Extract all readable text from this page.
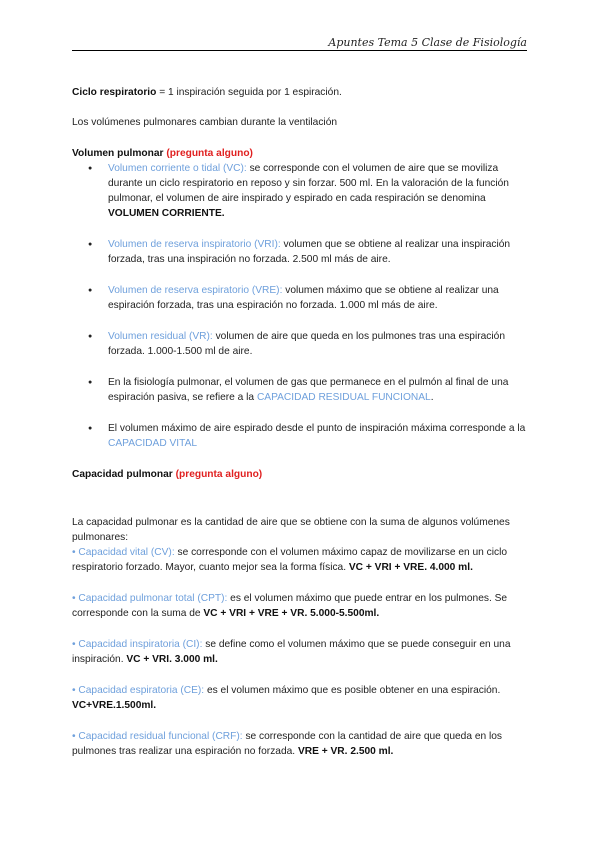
Apuntes Tema 5 Clase de Fisiología

Ciclo respiratorio = 1 inspiración seguida por 1 espiración.

Los volúmenes pulmonares cambian durante la ventilación

Volumen pulmonar (pregunta alguno)

● Volumen corriente o tidal (VC): se corresponde con el volumen de aire que se moviliza durante un ciclo respiratorio en reposo y sin forzar. 500 ml. En la valoración de la función pulmonar, el volumen de aire inspirado y espirado en cada respiración se denomina VOLUMEN CORRIENTE.
● Volumen de reserva inspiratorio (VRI): volumen que se obtiene al realizar una inspiración forzada, tras una inspiración no forzada. 2.500 ml más de aire.
● Volumen de reserva espiratorio (VRE): volumen máximo que se obtiene al realizar una espiración forzada, tras una espiración no forzada. 1.000 ml más de aire.
● Volumen residual (VR): volumen de aire que queda en los pulmones tras una espiración forzada. 1.000-1.500 ml de aire.
● En la fisiología pulmonar, el volumen de gas que permanece en el pulmón al final de una espiración pasiva, se refiere a la CAPACIDAD RESIDUAL FUNCIONAL.
● El volumen máximo de aire espirado desde el punto de inspiración máxima corresponde a la CAPACIDAD VITAL

Capacidad pulmonar (pregunta alguno)

La capacidad pulmonar es la cantidad de aire que se obtiene con la suma de algunos volúmenes pulmonares:

• Capacidad vital (CV): se corresponde con el volumen máximo capaz de movilizarse en un ciclo respiratorio forzado. Mayor, cuanto mejor sea la forma física. VC + VRI + VRE. 4.000 ml.

• Capacidad pulmonar total (CPT): es el volumen máximo que puede entrar en los pulmones. Se corresponde con la suma de VC + VRI + VRE + VR. 5.000-5.500ml.

• Capacidad inspiratoria (CI): se define como el volumen máximo que se puede conseguir en una inspiración. VC + VRI. 3.000 ml.

• Capacidad espiratoria (CE): es el volumen máximo que es posible obtener en una espiración. VC+VRE.1.500ml.

• Capacidad residual funcional (CRF): se corresponde con la cantidad de aire que queda en los pulmones tras realizar una espiración no forzada. VRE + VR. 2.500 ml.
